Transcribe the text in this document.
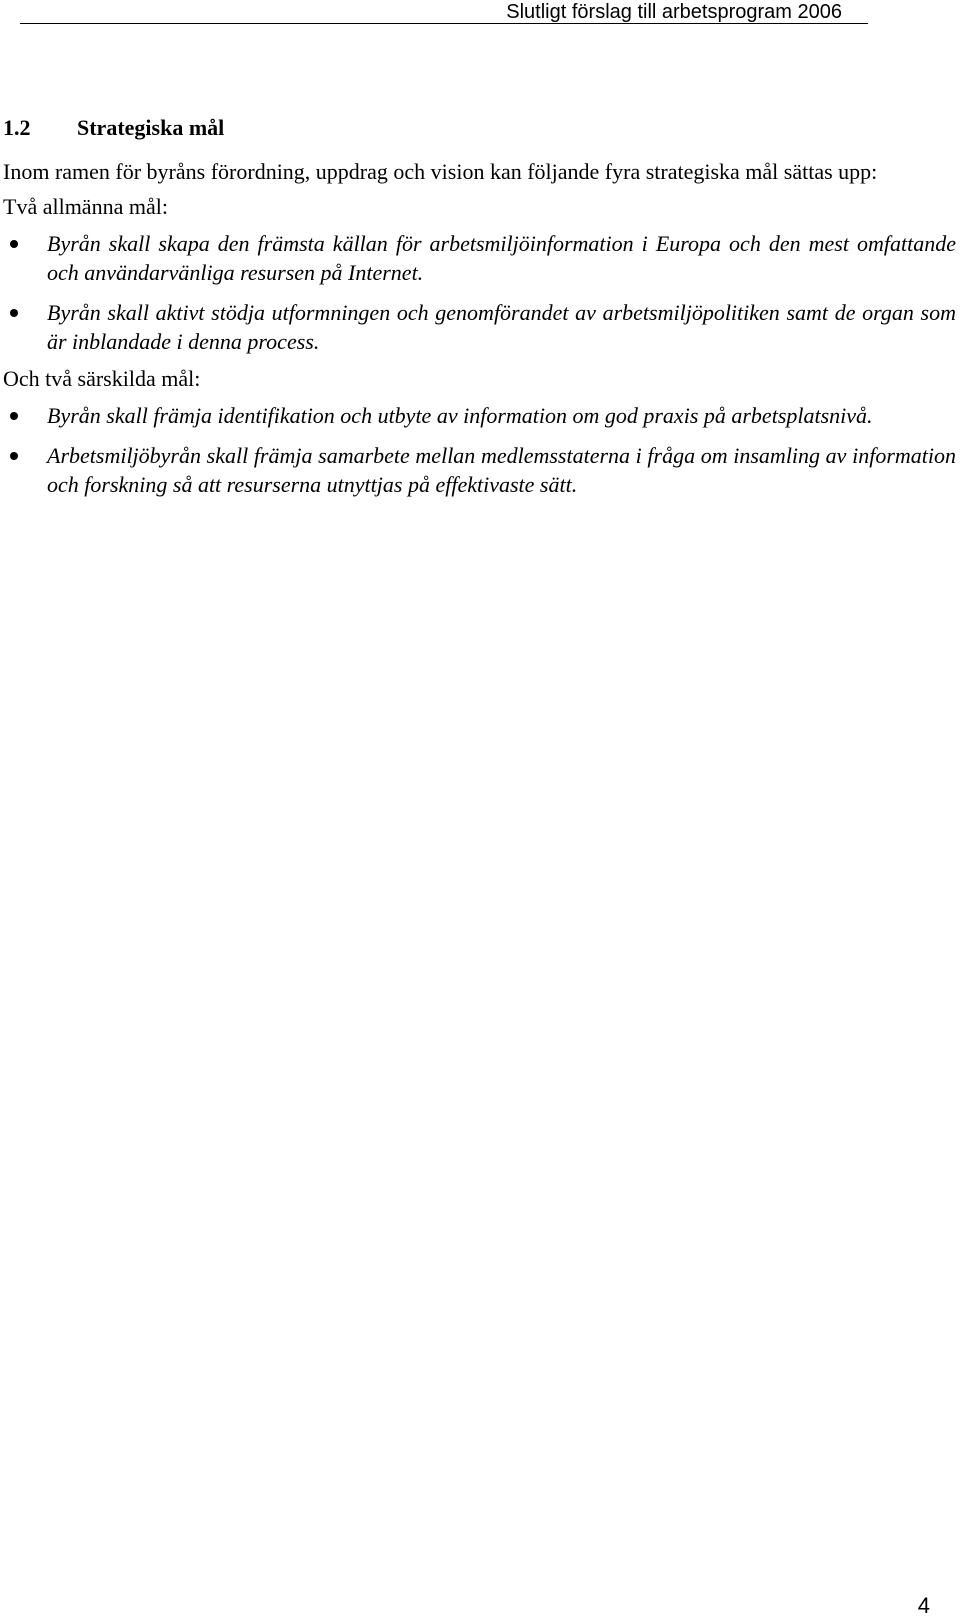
Slutligt förslag till arbetsprogram 2006
1.2	Strategiska mål

Inom ramen för byråns förordning, uppdrag och vision kan följande fyra strategiska mål sättas upp:

Två allmänna mål:

Byrån skall skapa den främsta källan för arbetsmiljöinformation i Europa och den mest omfattande och användarvänliga resursen på Internet.
Byrån skall aktivt stödja utformningen och genomförandet av arbetsmiljöpolitiken samt de organ som är inblandade i denna process.

Och två särskilda mål:

Byrån skall främja identifikation och utbyte av information om god praxis på arbetsplatsnivå.
Arbetsmiljöbyrån skall främja samarbete mellan medlemsstaterna i fråga om insamling av information och forskning så att resurserna utnyttjas på effektivaste sätt.
4
